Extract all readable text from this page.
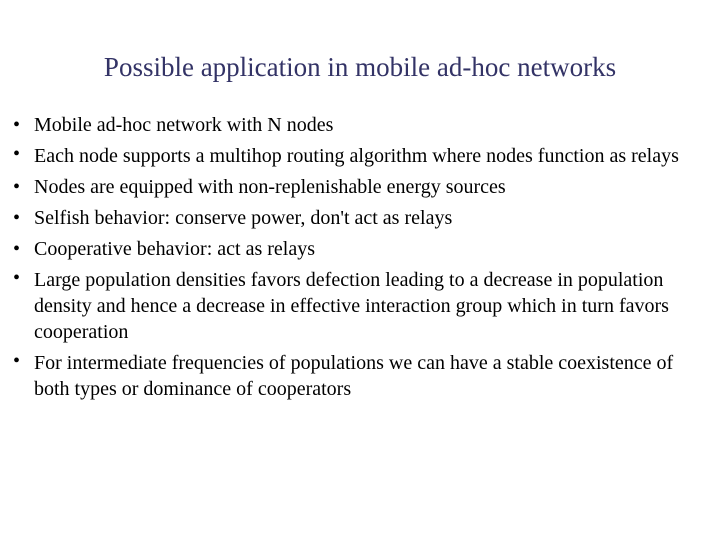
Possible application in mobile ad-hoc networks
• Mobile ad-hoc network with N nodes
• Each node supports a multihop routing algorithm where nodes function as relays
• Nodes are equipped with non-replenishable energy sources
• Selfish behavior: conserve power, don't act as relays
• Cooperative behavior: act as relays
• Large population densities favors defection leading to a decrease in population density and hence a decrease in effective interaction group which in turn favors cooperation
• For intermediate frequencies of populations we can have a stable coexistence of both types or dominance of cooperators
